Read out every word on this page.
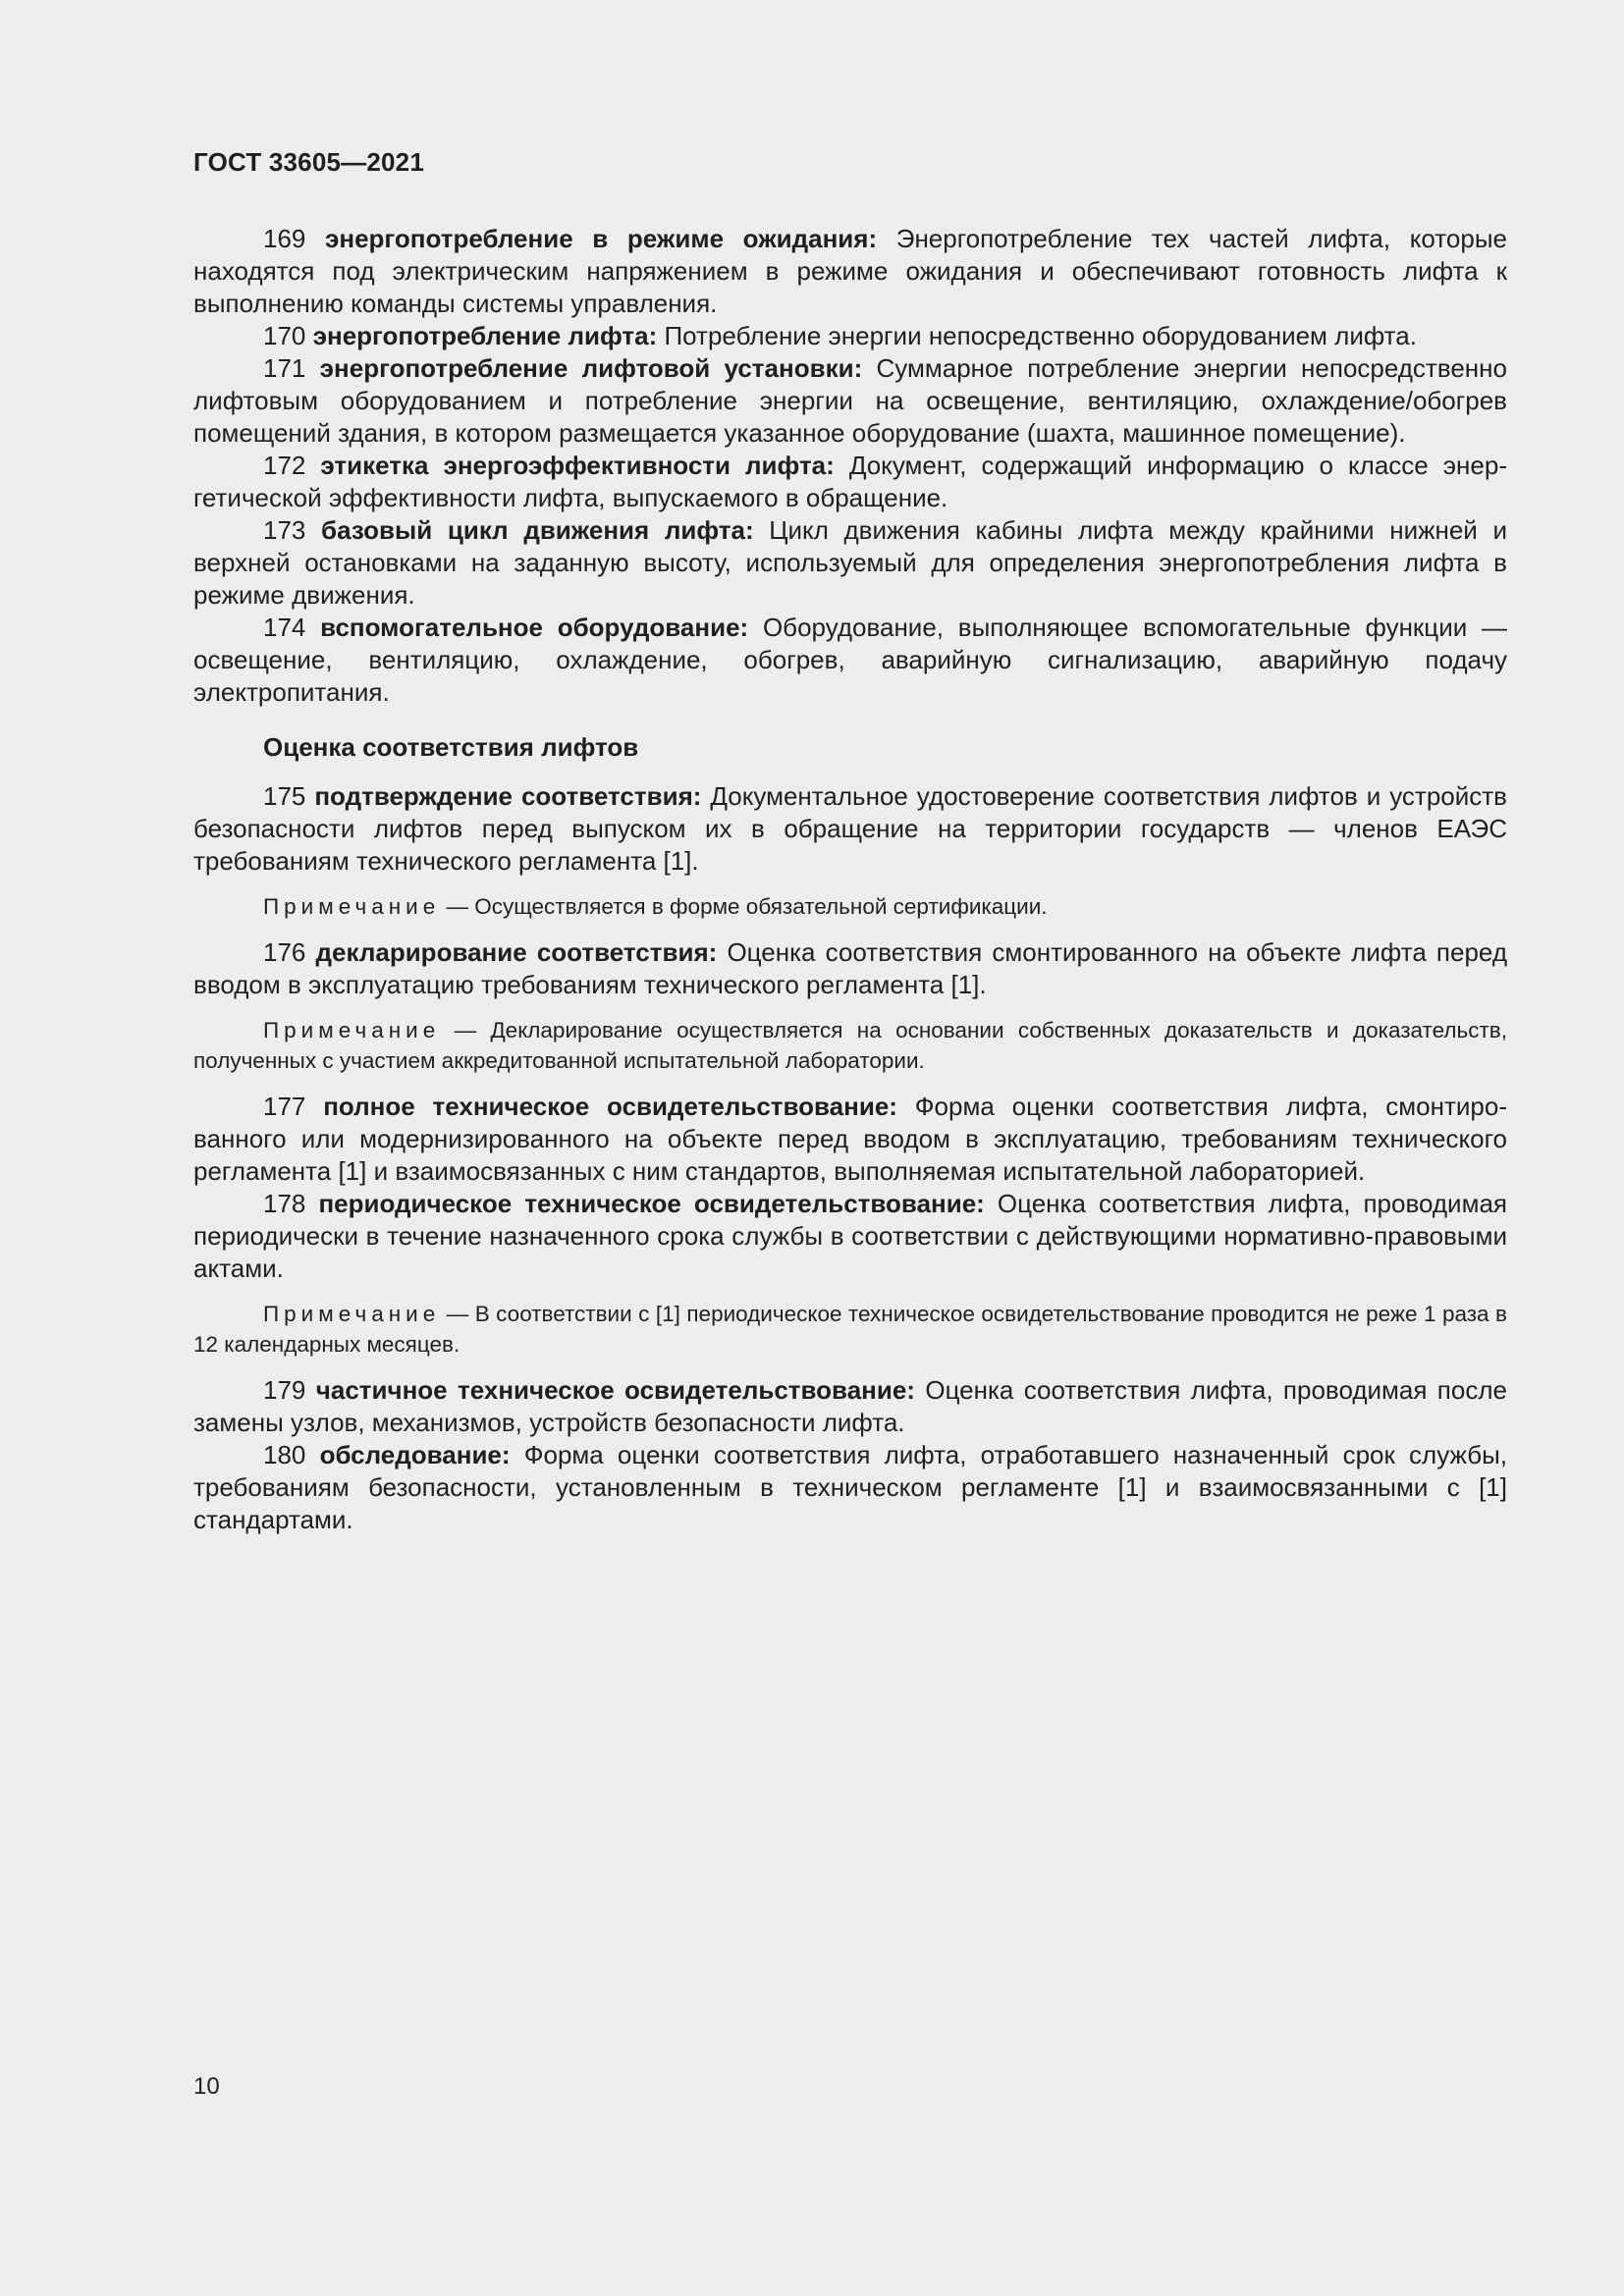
ГОСТ 33605—2021

169 энергопотребление в режиме ожидания: Энергопотребление тех частей лифта, которые находятся под электрическим напряжением в режиме ожидания и обеспечивают готовность лифта к выполнению команды системы управления.

170 энергопотребление лифта: Потребление энергии непосредственно оборудованием лифта.

171 энергопотребление лифтовой установки: Суммарное потребление энергии непосредственно лифтовым оборудованием и потребление энергии на освещение, вентиляцию, охлаждение/обогрев помещений здания, в котором размещается указанное оборудование (шахта, машинное помещение).

172 этикетка энергоэффективности лифта: Документ, содержащий информацию о классе энергетической эффективности лифта, выпускаемого в обращение.

173 базовый цикл движения лифта: Цикл движения кабины лифта между крайними нижней и верхней остановками на заданную высоту, используемый для определения энергопотребления лифта в режиме движения.

174 вспомогательное оборудование: Оборудование, выполняющее вспомогательные функции — освещение, вентиляцию, охлаждение, обогрев, аварийную сигнализацию, аварийную подачу электропитания.

Оценка соответствия лифтов

175 подтверждение соответствия: Документальное удостоверение соответствия лифтов и устройств безопасности лифтов перед выпуском их в обращение на территории государств — членов ЕАЭС требованиям технического регламента [1].

Примечание — Осуществляется в форме обязательной сертификации.

176 декларирование соответствия: Оценка соответствия смонтированного на объекте лифта перед вводом в эксплуатацию требованиям технического регламента [1].

Примечание — Декларирование осуществляется на основании собственных доказательств и доказательств, полученных с участием аккредитованной испытательной лаборатории.

177 полное техническое освидетельствование: Форма оценки соответствия лифта, смонтированного или модернизированного на объекте перед вводом в эксплуатацию, требованиям технического регламента [1] и взаимосвязанных с ним стандартов, выполняемая испытательной лабораторией.

178 периодическое техническое освидетельствование: Оценка соответствия лифта, проводимая периодически в течение назначенного срока службы в соответствии с действующими нормативно-правовыми актами.

Примечание — В соответствии с [1] периодическое техническое освидетельствование проводится не реже 1 раза в 12 календарных месяцев.

179 частичное техническое освидетельствование: Оценка соответствия лифта, проводимая после замены узлов, механизмов, устройств безопасности лифта.

180 обследование: Форма оценки соответствия лифта, отработавшего назначенный срок службы, требованиям безопасности, установленным в техническом регламенте [1] и взаимосвязанными с [1] стандартами.

10
